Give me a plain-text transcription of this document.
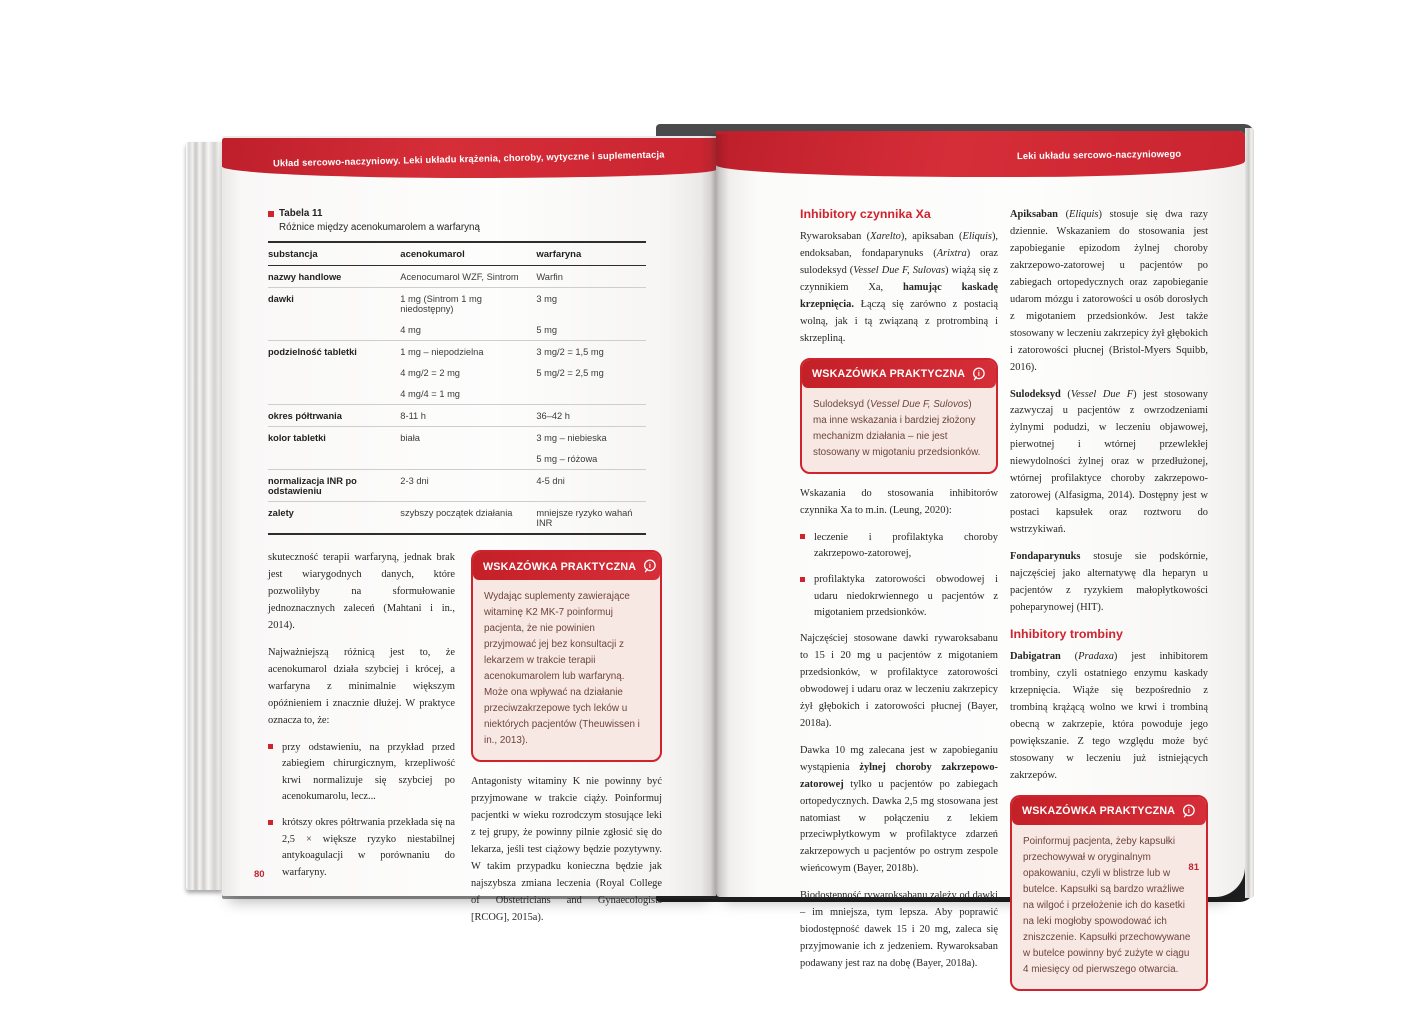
Układ sercowo-naczyniowy. Leki układu krążenia, choroby, wytyczne i suplementacja
Tabela 11
Różnice między acenokumarolem a warfaryną
substancja	acenokumarol	warfaryna
nazwy handlowe	Acenocumarol WZF, Sintrom	Warfin
dawki	1 mg (Sintrom 1 mg niedostępny)	3 mg
	4 mg	5 mg
podzielność tabletki	1 mg – niepodzielna	3 mg/2 = 1,5 mg
	4 mg/2 = 2 mg	5 mg/2 = 2,5 mg
	4 mg/4 = 1 mg	
okres półtrwania	8-11 h	36–42 h
kolor tabletki	biała	3 mg – niebieska
		5 mg – różowa
normalizacja INR po odstawieniu	2-3 dni	4-5 dni
zalety	szybszy początek działania	mniejsze ryzyko wahań INR

skuteczność terapii warfaryną, jednak brak jest wiarygodnych danych, które pozwoliłyby na sformułowanie jednoznacznych zaleceń (Mahtani i in., 2014).

Najważniejszą różnicą jest to, że acenokumarol działa szybciej i krócej, a warfaryna z minimalnie większym opóźnieniem i znacznie dłużej. W praktyce oznacza to, że:

przy odstawieniu, na przykład przed zabiegiem chirurgicznym, krzepliwość krwi normalizuje się szybciej po acenokumarolu, lecz...
krótszy okres półtrwania przekłada się na 2,5 × większe ryzyko niestabilnej antykoagulacji w porównaniu do warfaryny.
WSKAZÓWKA PRAKTYCZNA i
Wydając suplementy zawierające witaminę K2 MK-7 poinformuj pacjenta, że nie powinien przyjmować jej bez konsultacji z lekarzem w trakcie terapii acenokumarolem lub warfaryną. Może ona wpływać na działanie przeciwzakrzepowe tych leków u niektórych pacjentów (Theuwissen i in., 2013).

Antagonisty witaminy K nie powinny być przyjmowane w trakcie ciąży. Poinformuj pacjentki w wieku rozrodczym stosujące leki z tej grupy, że powinny pilnie zgłosić się do lekarza, jeśli test ciążowy będzie pozytywny. W takim przypadku konieczna będzie jak najszybsza zmiana leczenia (Royal College of Obstetricians and Gynaecologists [RCOG], 2015a).

80
Leki układu sercowo-naczyniowego
Inhibitory czynnika Xa

Rywaroksaban (Xarelto), apiksaban (Eliquis), endoksaban, fondaparynuks (Arixtra) oraz sulodeksyd (Vessel Due F, Sulovas) wiążą się z czynnikiem Xa, hamując kaskadę krzepnięcia. Łączą się zarówno z postacią wolną, jak i tą związaną z protrombiną i skrzepliną.

WSKAZÓWKA PRAKTYCZNA i
Sulodeksyd (Vessel Due F, Sulovos) ma inne wskazania i bardziej złożony mechanizm działania – nie jest stosowany w migotaniu przedsionków.

Wskazania do stosowania inhibitorów czynnika Xa to m.in. (Leung, 2020):

leczenie i profilaktyka choroby zakrzepowo-zatorowej,
profilaktyka zatorowości obwodowej i udaru niedokrwiennego u pacjentów z migotaniem przedsionków.

Najczęściej stosowane dawki rywaroksabanu to 15 i 20 mg u pacjentów z migotaniem przedsionków, w profilaktyce zatorowości obwodowej i udaru oraz w leczeniu zakrzepicy żył głębokich i zatorowości płucnej (Bayer, 2018a).

Dawka 10 mg zalecana jest w zapobieganiu wystąpienia żylnej choroby zakrzepowo-zatorowej tylko u pacjentów po zabiegach ortopedycznych. Dawka 2,5 mg stosowana jest natomiast w połączeniu z lekiem przeciwpłytkowym w profilaktyce zdarzeń zakrzepowych u pacjentów po ostrym zespole wieńcowym (Bayer, 2018b).

Biodostępność rywaroksabanu zależy od dawki – im mniejsza, tym lepsza. Aby poprawić biodostępność dawek 15 i 20 mg, zaleca się przyjmowanie ich z jedzeniem. Rywaroksaban podawany jest raz na dobę (Bayer, 2018a).

Apiksaban (Eliquis) stosuje się dwa razy dziennie. Wskazaniem do stosowania jest zapobieganie epizodom żylnej choroby zakrzepowo-zatorowej u pacjentów po zabiegach ortopedycznych oraz zapobieganie udarom mózgu i zatorowości u osób dorosłych z migotaniem przedsionków. Jest także stosowany w leczeniu zakrzepicy żył głębokich i zatorowości płucnej (Bristol-Myers Squibb, 2016).

Sulodeksyd (Vessel Due F) jest stosowany zazwyczaj u pacjentów z owrzodzeniami żylnymi podudzi, w leczeniu objawowej, pierwotnej i wtórnej przewlekłej niewydolności żylnej oraz w przedłużonej, wtórnej profilaktyce choroby zakrzepowo-zatorowej (Alfasigma, 2014). Dostępny jest w postaci kapsułek oraz roztworu do wstrzykiwań.

Fondaparynuks stosuje sie podskórnie, najczęściej jako alternatywę dla heparyn u pacjentów z ryzykiem małopłytkowości poheparynowej (HIT).

Inhibitory trombiny

Dabigatran (Pradaxa) jest inhibitorem trombiny, czyli ostatniego enzymu kaskady krzepnięcia. Wiąże się bezpośrednio z trombiną krążącą wolno we krwi i trombiną obecną w zakrzepie, która powoduje jego powiększanie. Z tego względu może być stosowany w leczeniu już istniejących zakrzepów.

WSKAZÓWKA PRAKTYCZNA i
Poinformuj pacjenta, żeby kapsułki przechowywał w oryginalnym opakowaniu, czyli w blistrze lub w butelce. Kapsułki są bardzo wrażliwe na wilgoć i przełożenie ich do kasetki na leki mogłoby spowodować ich zniszczenie. Kapsułki przechowywane w butelce powinny być zużyte w ciągu 4 miesięcy od pierwszego otwarcia.
81
